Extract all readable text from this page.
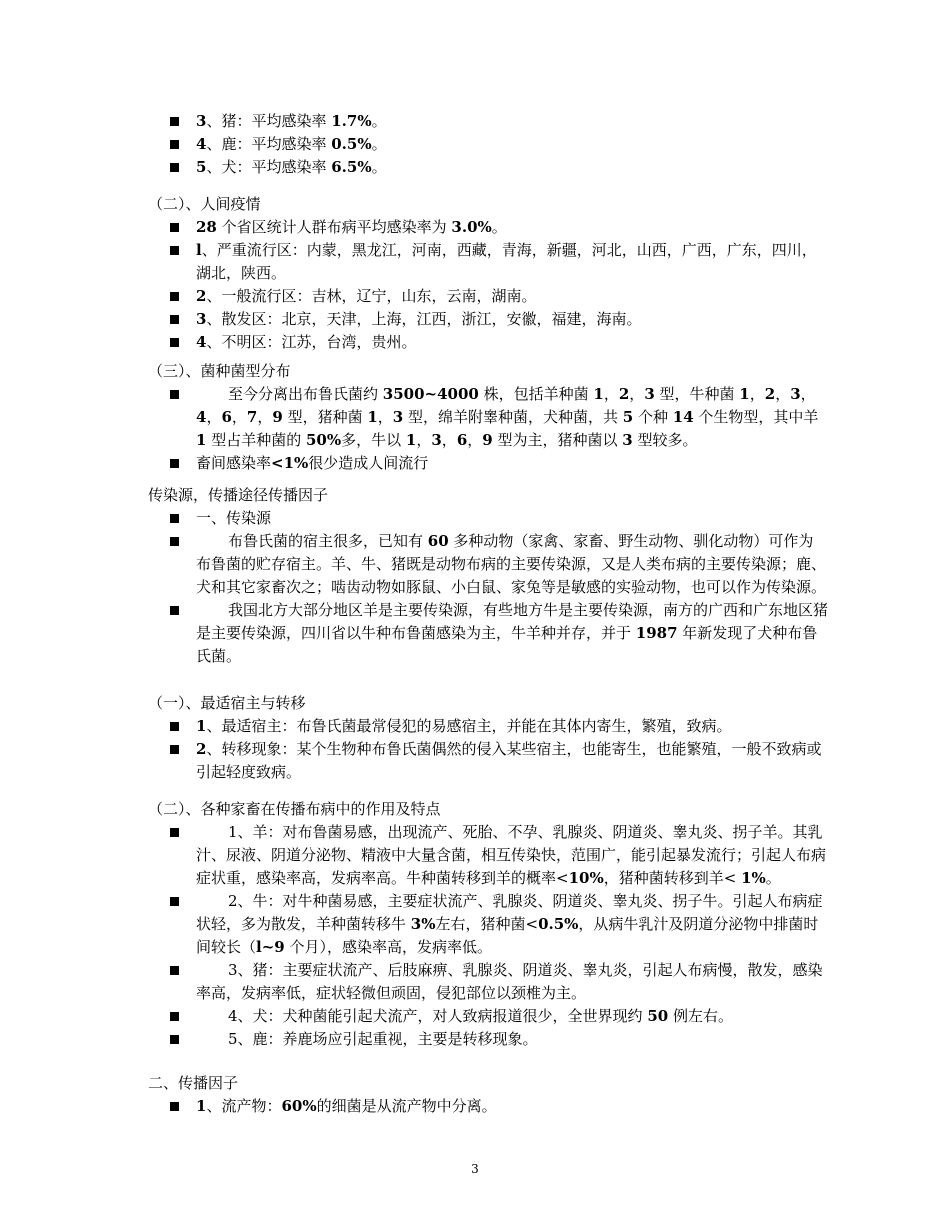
3、猪：平均感染率 1.7%。
4、鹿：平均感染率 0.5%。
5、犬：平均感染率 6.5%。
（二）、人间疫情
28 个省区统计人群布病平均感染率为 3.0%。
l、严重流行区：内蒙，黑龙江，河南，西藏，青海，新疆，河北，山西，广西，广东，四川，湖北，陕西。
2、一般流行区：吉林，辽宁，山东，云南，湖南。
3、散发区：北京，天津，上海，江西，浙江，安徽，福建，海南。
4、不明区：江苏，台湾，贵州。
（三）、菌种菌型分布
至今分离出布鲁氏菌约 3500~4000 株，包括羊种菌 1，2，3 型，牛种菌 1，2，3，4，6，7，9 型，猪种菌 1，3 型，绵羊附睾种菌，犬种菌，共 5 个种 14 个生物型，其中羊 1 型占羊种菌的 50%多，牛以 1，3，6，9 型为主，猪种菌以 3 型较多。
畜间感染率<1%很少造成人间流行
传染源，传播途径传播因子
一、传染源
布鲁氏菌的宿主很多，已知有 60 多种动物（家禽、家畜、野生动物、驯化动物）可作为布鲁菌的贮存宿主。羊、牛、猪既是动物布病的主要传染源，又是人类布病的主要传染源；鹿、犬和其它家畜次之；啮齿动物如豚鼠、小白鼠、家兔等是敏感的实验动物，也可以作为传染源。
我国北方大部分地区羊是主要传染源，有些地方牛是主要传染源，南方的广西和广东地区猪是主要传染源，四川省以牛种布鲁菌感染为主，牛羊种并存，并于 1987 年新发现了犬种布鲁氏菌。
（一）、最适宿主与转移
1、最适宿主：布鲁氏菌最常侵犯的易感宿主，并能在其体内寄生，繁殖，致病。
2、转移现象：某个生物种布鲁氏菌偶然的侵入某些宿主，也能寄生，也能繁殖，一般不致病或引起轻度致病。
（二）、各种家畜在传播布病中的作用及特点
1、羊：对布鲁菌易感，出现流产、死胎、不孕、乳腺炎、阴道炎、睾丸炎、拐子羊。其乳汁、尿液、阴道分泌物、精液中大量含菌，相互传染快，范围广，能引起暴发流行；引起人布病症状重，感染率高，发病率高。牛种菌转移到羊的概率<10%，猪种菌转移到羊< 1%。
2、牛：对牛种菌易感，主要症状流产、乳腺炎、阴道炎、睾丸炎、拐子牛。引起人布病症状轻，多为散发，羊种菌转移牛 3%左右，猪种菌<0.5%，从病牛乳汁及阴道分泌物中排菌时间较长（l~9 个月），感染率高，发病率低。
3、猪：主要症状流产、后肢麻痹、乳腺炎、阴道炎、睾丸炎，引起人布病慢，散发，感染率高，发病率低，症状轻微但顽固，侵犯部位以颈椎为主。
4、犬：犬种菌能引起犬流产，对人致病报道很少，全世界现约 50 例左右。
5、鹿：养鹿场应引起重视，主要是转移现象。
二、传播因子
1、流产物：60%的细菌是从流产物中分离。
3
